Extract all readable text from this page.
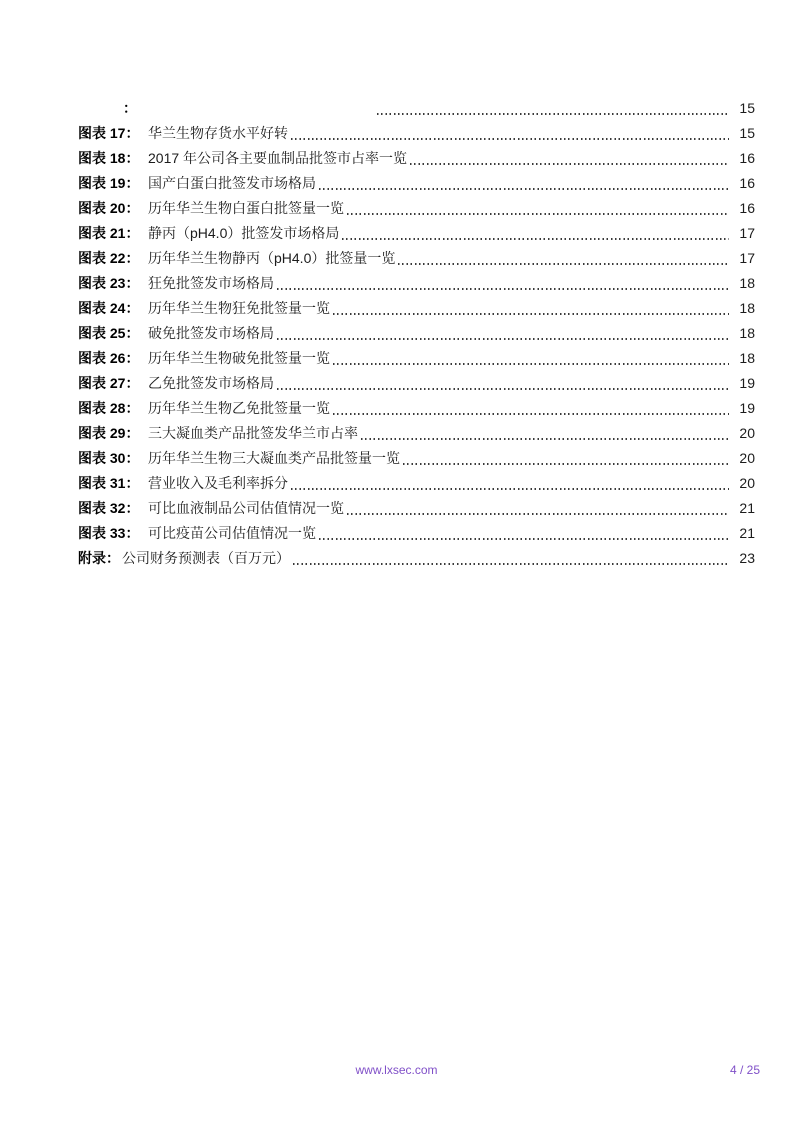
：	15
图表 17： 华兰生物存货水平好转	15
图表 18： 2017 年公司各主要血制品批签市占率一览	16
图表 19： 国产白蛋白批签发市场格局	16
图表 20： 历年华兰生物白蛋白批签量一览	16
图表 21： 静丙（pH4.0）批签发市场格局	17
图表 22： 历年华兰生物静丙（pH4.0）批签量一览	17
图表 23： 狂免批签发市场格局	18
图表 24： 历年华兰生物狂免批签量一览	18
图表 25： 破免批签发市场格局	18
图表 26： 历年华兰生物破免批签量一览	18
图表 27： 乙免批签发市场格局	19
图表 28： 历年华兰生物乙免批签量一览	19
图表 29： 三大凝血类产品批签发华兰市占率	20
图表 30： 历年华兰生物三大凝血类产品批签量一览	20
图表 31： 营业收入及毛利率拆分	20
图表 32： 可比血液制品公司估值情况一览	21
图表 33： 可比疫苗公司估值情况一览	21
附录： 公司财务预测表（百万元）	23
www.lxsec.com	4 / 25
